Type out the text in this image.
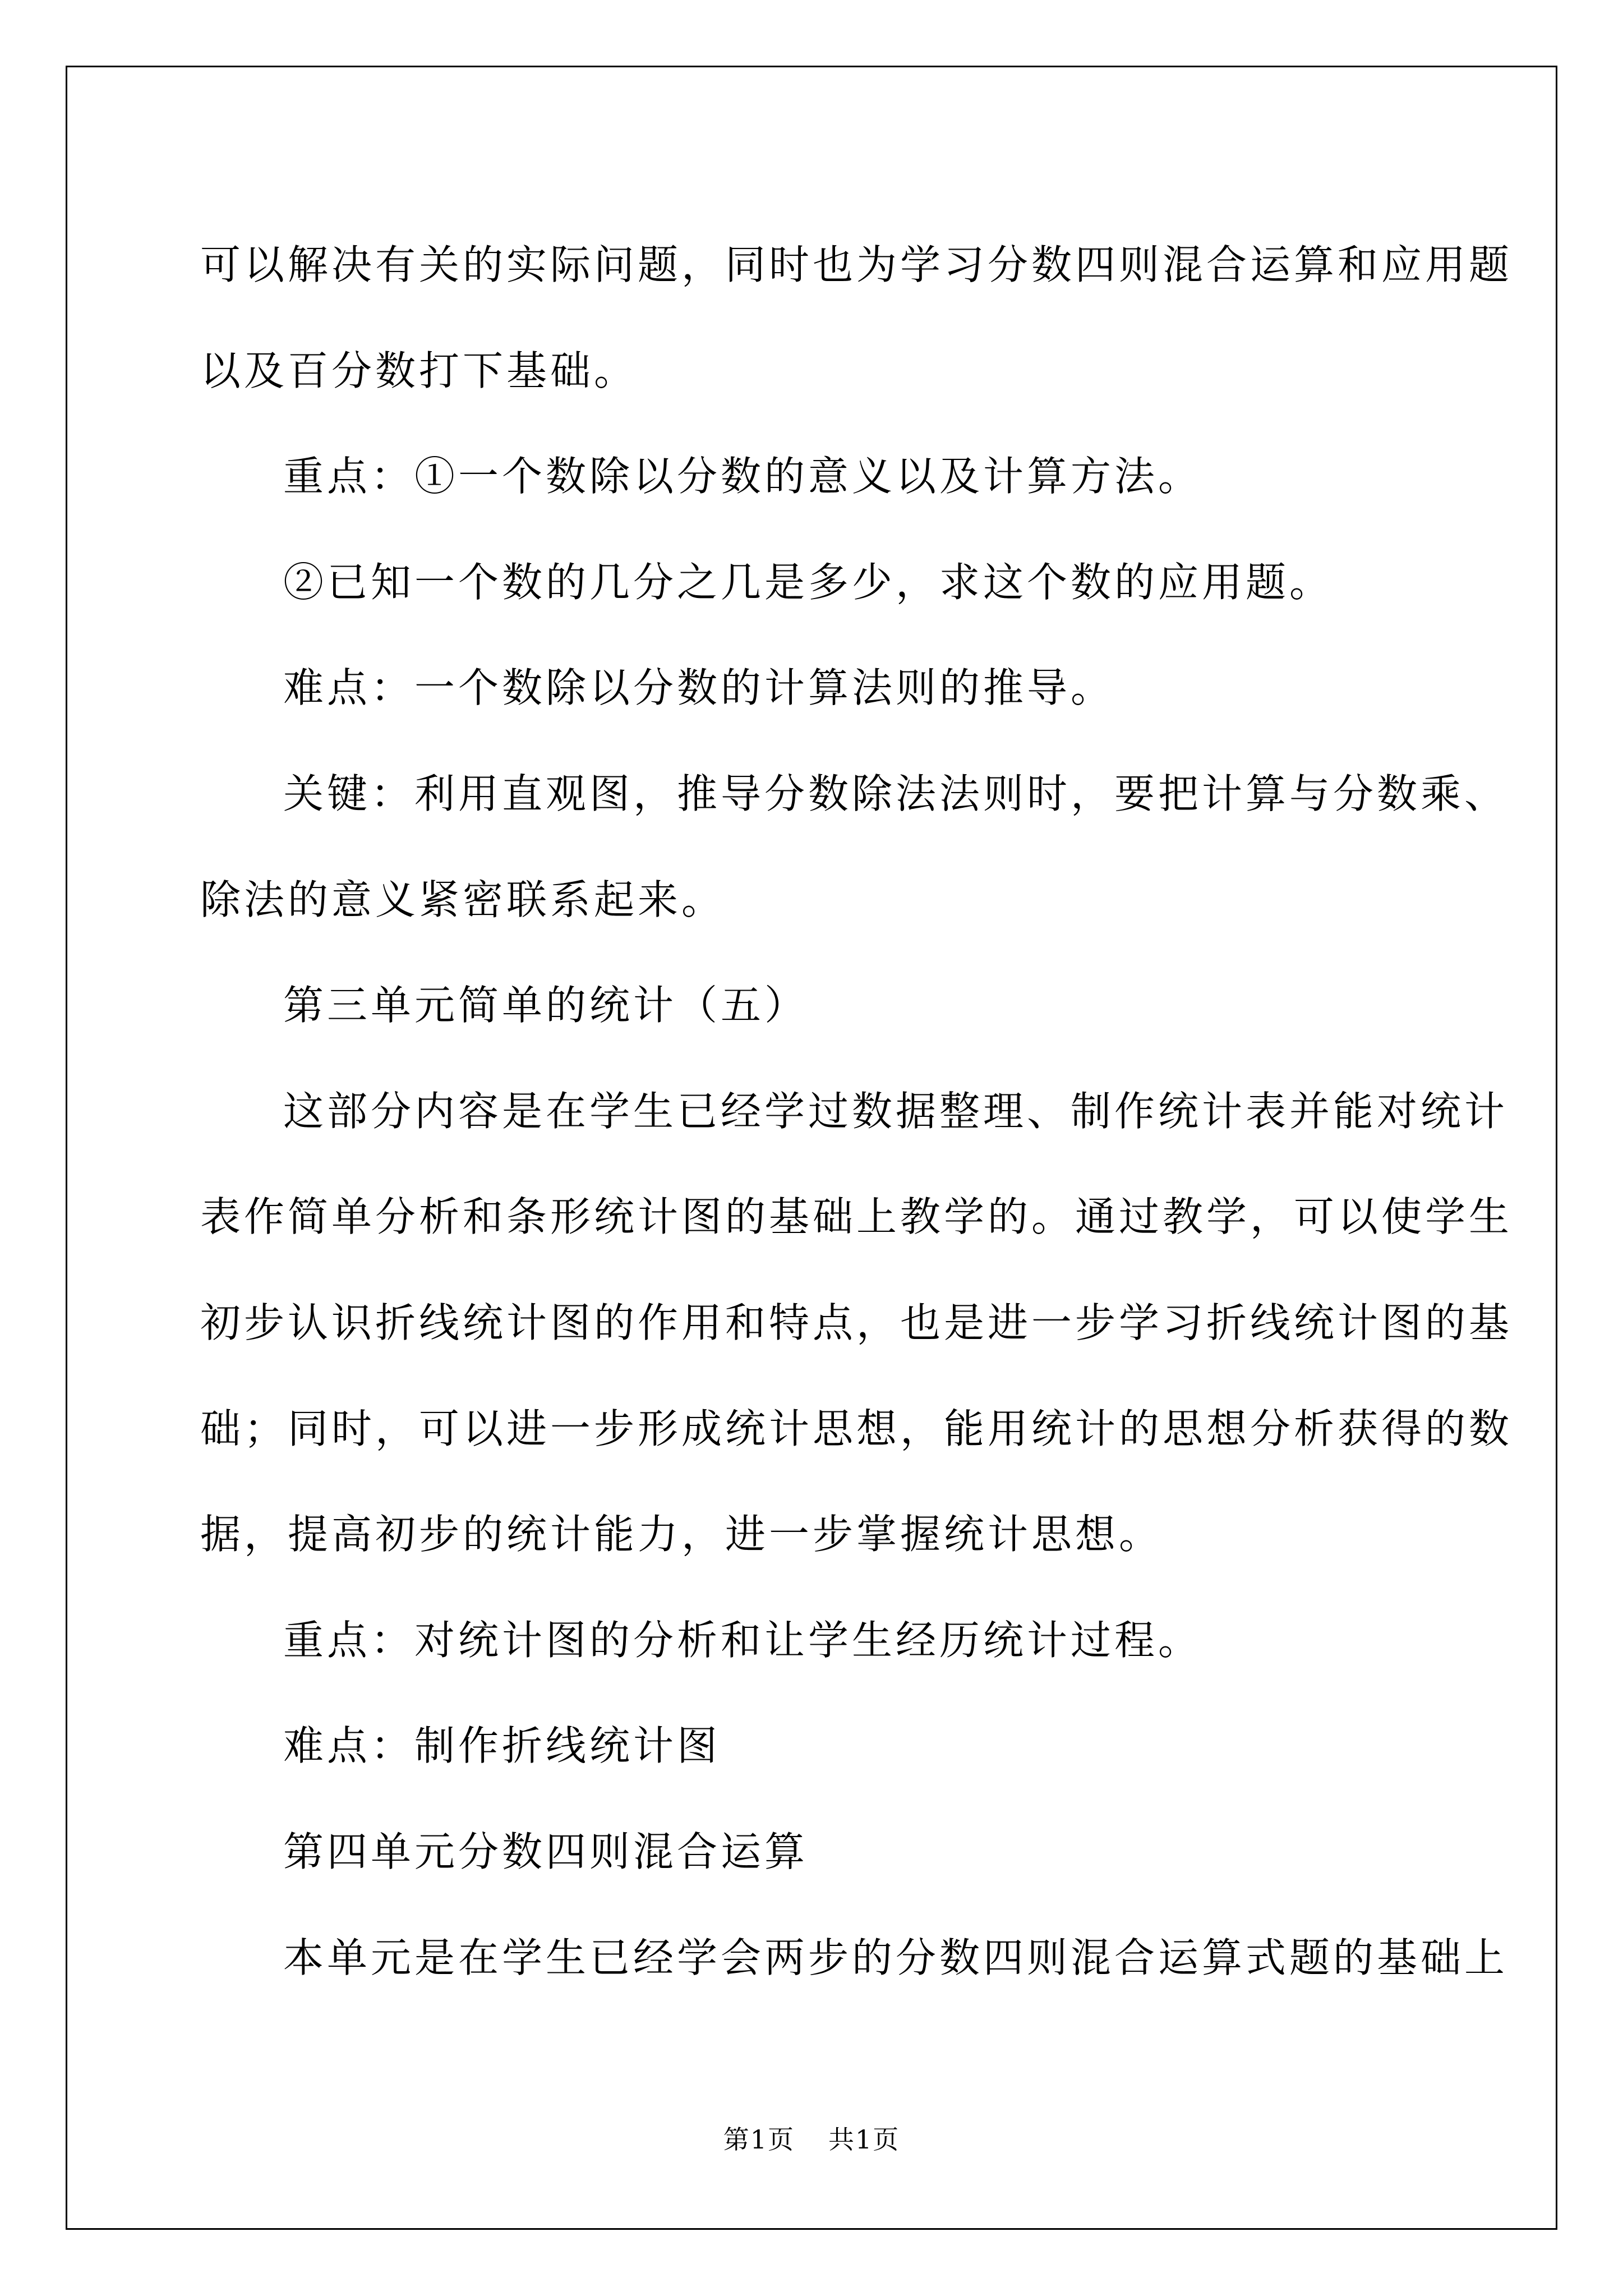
可以解决有关的实际问题，同时也为学习分数四则混合运算和应用题
以及百分数打下基础。
重点：①一个数除以分数的意义以及计算方法。
②已知一个数的几分之几是多少，求这个数的应用题。
难点：一个数除以分数的计算法则的推导。
关键：利用直观图，推导分数除法法则时，要把计算与分数乘、
除法的意义紧密联系起来。
第三单元简单的统计（五）
这部分内容是在学生已经学过数据整理、制作统计表并能对统计
表作简单分析和条形统计图的基础上教学的。通过教学，可以使学生
初步认识折线统计图的作用和特点，也是进一步学习折线统计图的基
础；同时，可以进一步形成统计思想，能用统计的思想分析获得的数
据，提高初步的统计能力，进一步掌握统计思想。
重点：对统计图的分析和让学生经历统计过程。
难点：制作折线统计图
第四单元分数四则混合运算
本单元是在学生已经学会两步的分数四则混合运算式题的基础上
第1页 共1页
